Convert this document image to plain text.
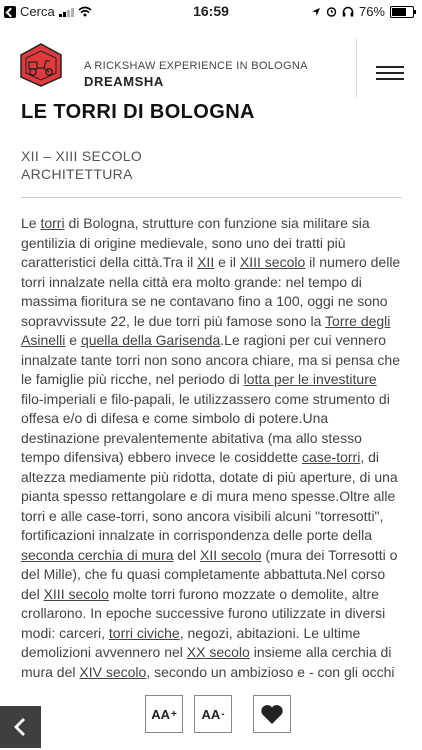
Cerca	16:59	76%
A RICKSHAW EXPERIENCE IN BOLOGNA
DREAMSHA
LE TORRI DI BOLOGNA
XII – XIII SECOLO
ARCHITETTURA

Le torri di Bologna, strutture con funzione sia militare sia gentilizia di origine medievale, sono uno dei tratti più caratteristici della città.Tra il XII e il XIII secolo il numero delle torri innalzate nella città era molto grande: nel tempo di massima fioritura se ne contavano fino a 100, oggi ne sono sopravvissute 22, le due torri più famose sono la Torre degli Asinelli e quella della Garisenda.Le ragioni per cui vennero innalzate tante torri non sono ancora chiare, ma si pensa che le famiglie più ricche, nel periodo di lotta per le investiture filo-imperiali e filo-papali, le utilizzassero come strumento di offesa e/o di difesa e come simbolo di potere.Una destinazione prevalentemente abitativa (ma allo stesso tempo difensiva) ebbero invece le cosiddette case-torri, di altezza mediamente più ridotta, dotate di più aperture, di una pianta spesso rettangolare e di mura meno spesse.Oltre alle torri e alle case-torri, sono ancora visibili alcuni "torresotti", fortificazioni innalzate in corrispondenza delle porte della seconda cerchia di mura del XII secolo (mura dei Torresotti o del Mille), che fu quasi completamente abbattuta.Nel corso del XIII secolo molte torri furono mozzate o demolite, altre crollarono. In epoche successive furono utilizzate in diversi modi: carceri, torri civiche, negozi, abitazioni. Le ultime demolizioni avvennero nel XX secolo insieme alla cerchia di mura del XIV secolo, secondo un ambizioso e - con gli occhi

AA + AA -
